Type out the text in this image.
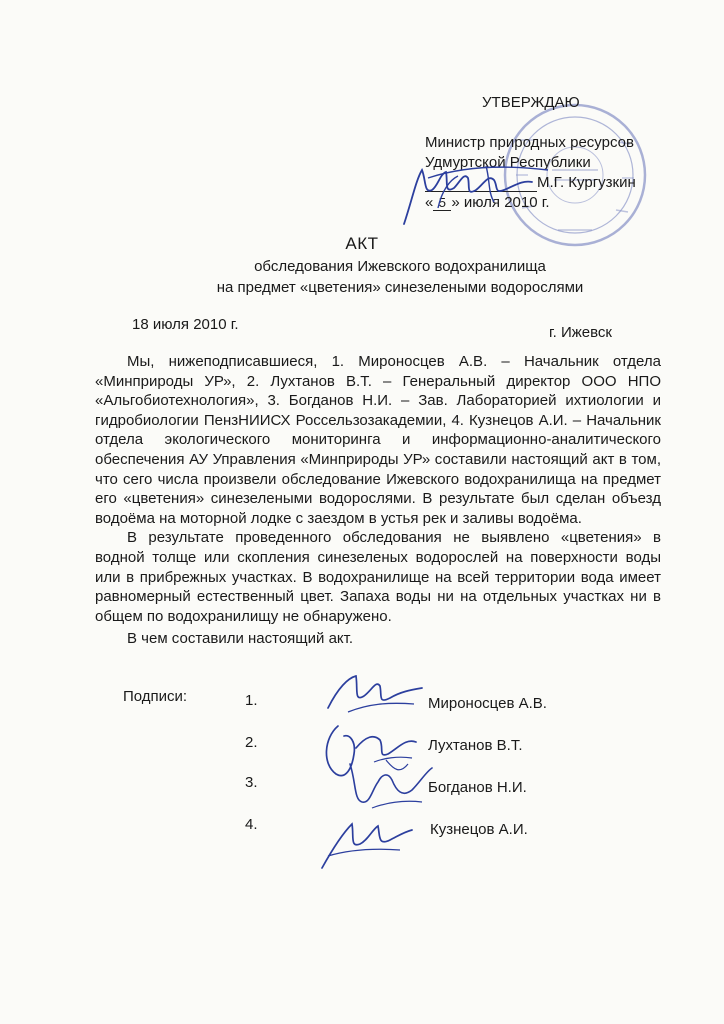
УТВЕРЖДАЮ
Министр природных ресурсов
Удмуртской Республики
М.Г. Кургузкин
« 5 » июля 2010 г.
АКТ
обследования Ижевского водохранилища
на предмет «цветения» синезелеными водорослями
18 июля 2010 г.	г. Ижевск

Мы, нижеподписавшиеся, 1. Мироносцев А.В. – Начальник отдела «Минприроды УР», 2. Лухтанов В.Т. – Генеральный директор ООО НПО «Альгобиотехнология», 3. Богданов Н.И. – Зав. Лабораторией ихтиологии и гидробиологии ПензНИИСХ Россельзозакадемии, 4. Кузнецов А.И. – Начальник отдела экологического мониторинга и информационно-аналитического обеспечения АУ Управления «Минприроды УР» составили настоящий акт в том, что сего числа произвели обследование Ижевского водохранилища на предмет его «цветения» синезелеными водорослями. В результате был сделан объезд водоёма на моторной лодке с заездом в устья рек и заливы водоёма.

В результате проведенного обследования не выявлено «цветения» в водной толще или скопления синезеленых водорослей на поверхности воды или в прибрежных участках. В водохранилище на всей территории вода имеет равномерный естественный цвет. Запаха воды ни на отдельных участках ни в общем по водохранилищу не обнаружено.

В чем составили настоящий акт.

Подписи:	1.	Мироносцев А.В.
2.	Лухтанов В.Т.
3.	Богданов Н.И.
4.	Кузнецов А.И.
